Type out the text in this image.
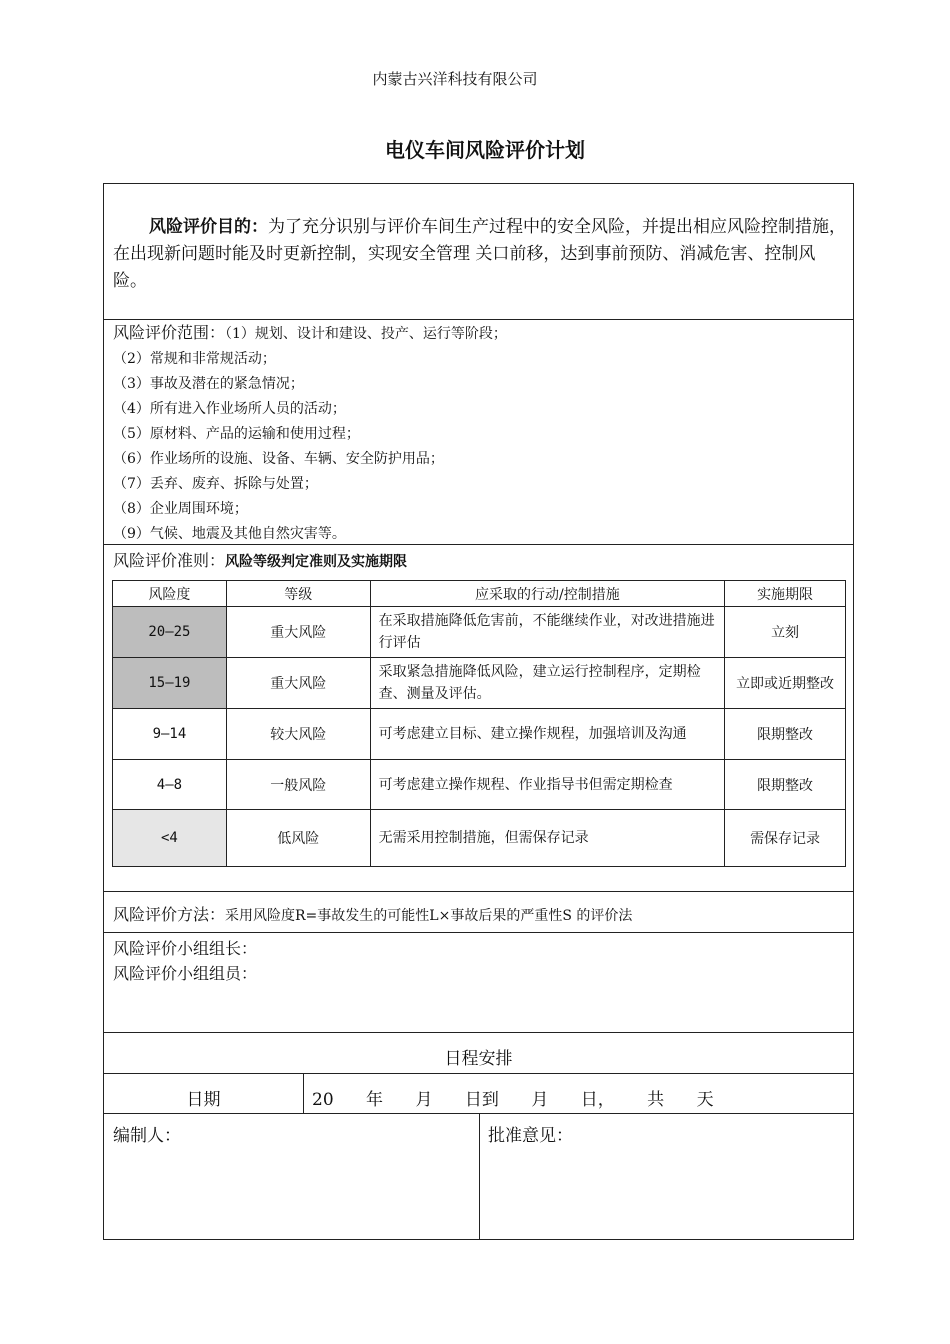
内蒙古兴洋科技有限公司
电仪车间风险评价计划
风险评价目的：为了充分识别与评价车间生产过程中的安全风险，并提出相应风险控制措施，在出现新问题时能及时更新控制，实现安全管理 关口前移，达到事前预防、消减危害、控制风险。
风险评价范围：（1）规划、设计和建设、投产、运行等阶段；
（2）常规和非常规活动；
（3）事故及潜在的紧急情况；
（4）所有进入作业场所人员的活动；
（5）原材料、产品的运输和使用过程；
（6）作业场所的设施、设备、车辆、安全防护用品；
（7）丢弃、废弃、拆除与处置；
（8）企业周围环境；
（9）气候、地震及其他自然灾害等。
风险评价准则：风险等级判定准则及实施期限
风险度	等级	应采取的行动/控制措施	实施期限
20—25	重大风险	在采取措施降低危害前，不能继续作业，对改进措施进行评估	立刻
15—19	重大风险	采取紧急措施降低风险，建立运行控制程序，定期检查、测量及评估。	立即或近期整改
9—14	较大风险	可考虑建立目标、建立操作规程，加强培训及沟通	限期整改
4—8	一般风险	可考虑建立操作规程、作业指导书但需定期检查	限期整改
<4	低风险	无需采用控制措施，但需保存记录	需保存记录
风险评价方法：采用风险度R=事故发生的可能性L×事故后果的严重性S 的评价法
风险评价小组组长：
风险评价小组组员：
日程安排
日期	20      年      月      日到      月      日，      共      天
编制人：	批准意见：
